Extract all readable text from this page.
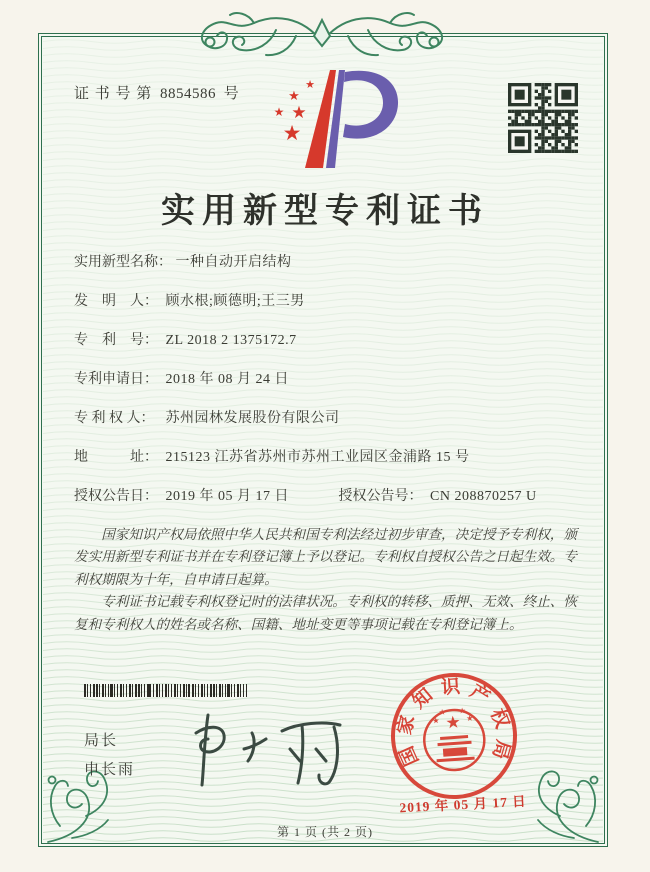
证 书 号 第 8854586 号
★
★
★ ★
★
实用新型专利证书
实用新型名称： 一种自动开启结构
发　明　人： 顾水根;顾德明;王三男
专　利　号： ZL 2018 2 1375172.7
专利申请日： 2018 年 08 月 24 日
专 利 权 人： 苏州园林发展股份有限公司
地　　　址： 215123 江苏省苏州市苏州工业园区金浦路 15 号
授权公告日： 2019 年 05 月 17 日	授权公告号： CN 208870257 U

国家知识产权局依照中华人民共和国专利法经过初步审查，决定授予专利权，颁发实用新型专利证书并在专利登记簿上予以登记。专利权自授权公告之日起生效。专利权期限为十年，自申请日起算。

专利证书记载专利权登记时的法律状况。专利权的转移、质押、无效、终止、恢复和专利权人的姓名或名称、国籍、地址变更等事项记载在专利登记簿上。

局长
申长雨
国
家
知 识 产
权
局
★
★
★ ★
★
2019 年 05 月 17 日
第 1 页 (共 2 页)
